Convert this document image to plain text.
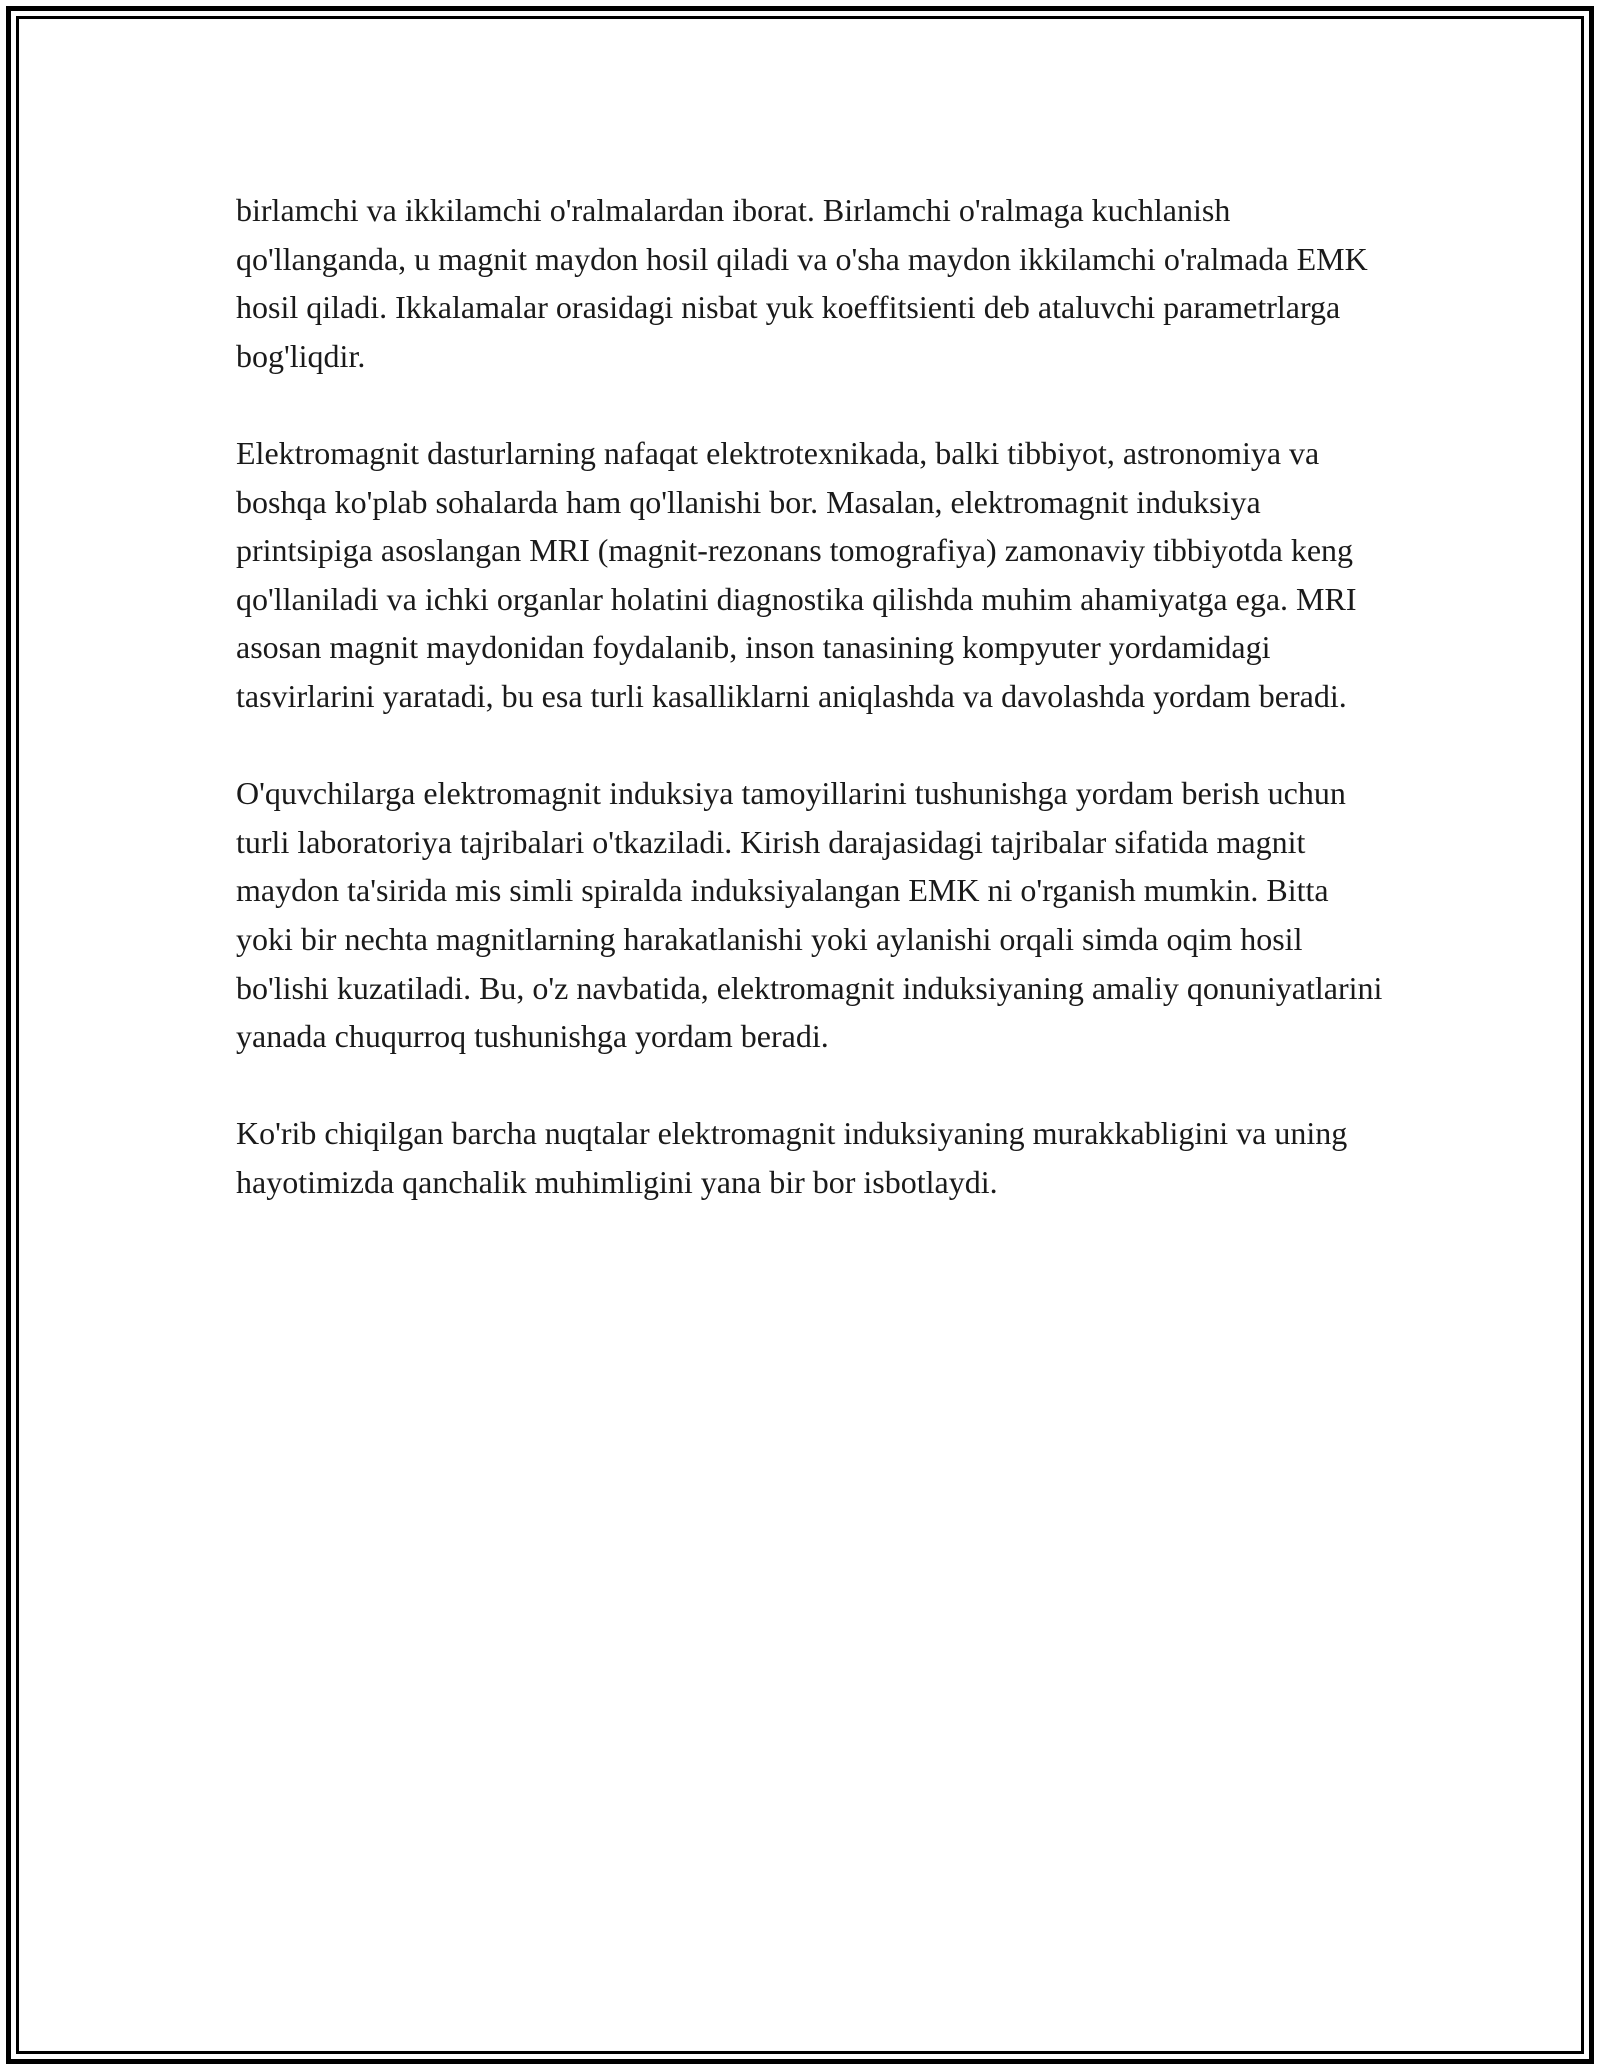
birlamchi va ikkilamchi o'ralmalardan iborat. Birlamchi o'ralmaga kuchlanish qo'llanganda, u magnit maydon hosil qiladi va o'sha maydon ikkilamchi o'ralmada EMK hosil qiladi. Ikkalamalar orasidagi nisbat yuk koeffitsienti deb ataluvchi parametrlarga bog'liqdir.

Elektromagnit dasturlarning nafaqat elektrotexnikada, balki tibbiyot, astronomiya va boshqa ko'plab sohalarda ham qo'llanishi bor. Masalan, elektromagnit induksiya printsipiga asoslangan MRI (magnit-rezonans tomografiya) zamonaviy tibbiyotda keng qo'llaniladi va ichki organlar holatini diagnostika qilishda muhim ahamiyatga ega. MRI asosan magnit maydonidan foydalanib, inson tanasining kompyuter yordamidagi tasvirlarini yaratadi, bu esa turli kasalliklarni aniqlashda va davolashda yordam beradi.

O'quvchilarga elektromagnit induksiya tamoyillarini tushunishga yordam berish uchun turli laboratoriya tajribalari o'tkaziladi. Kirish darajasidagi tajribalar sifatida magnit maydon ta'sirida mis simli spiralda induksiyalangan EMK ni o'rganish mumkin. Bitta yoki bir nechta magnitlarning harakatlanishi yoki aylanishi orqali simda oqim hosil bo'lishi kuzatiladi. Bu, o'z navbatida, elektromagnit induksiyaning amaliy qonuniyatlarini yanada chuqurroq tushunishga yordam beradi.

Ko'rib chiqilgan barcha nuqtalar elektromagnit induksiyaning murakkabligini va uning hayotimizda qanchalik muhimligini yana bir bor isbotlaydi.
